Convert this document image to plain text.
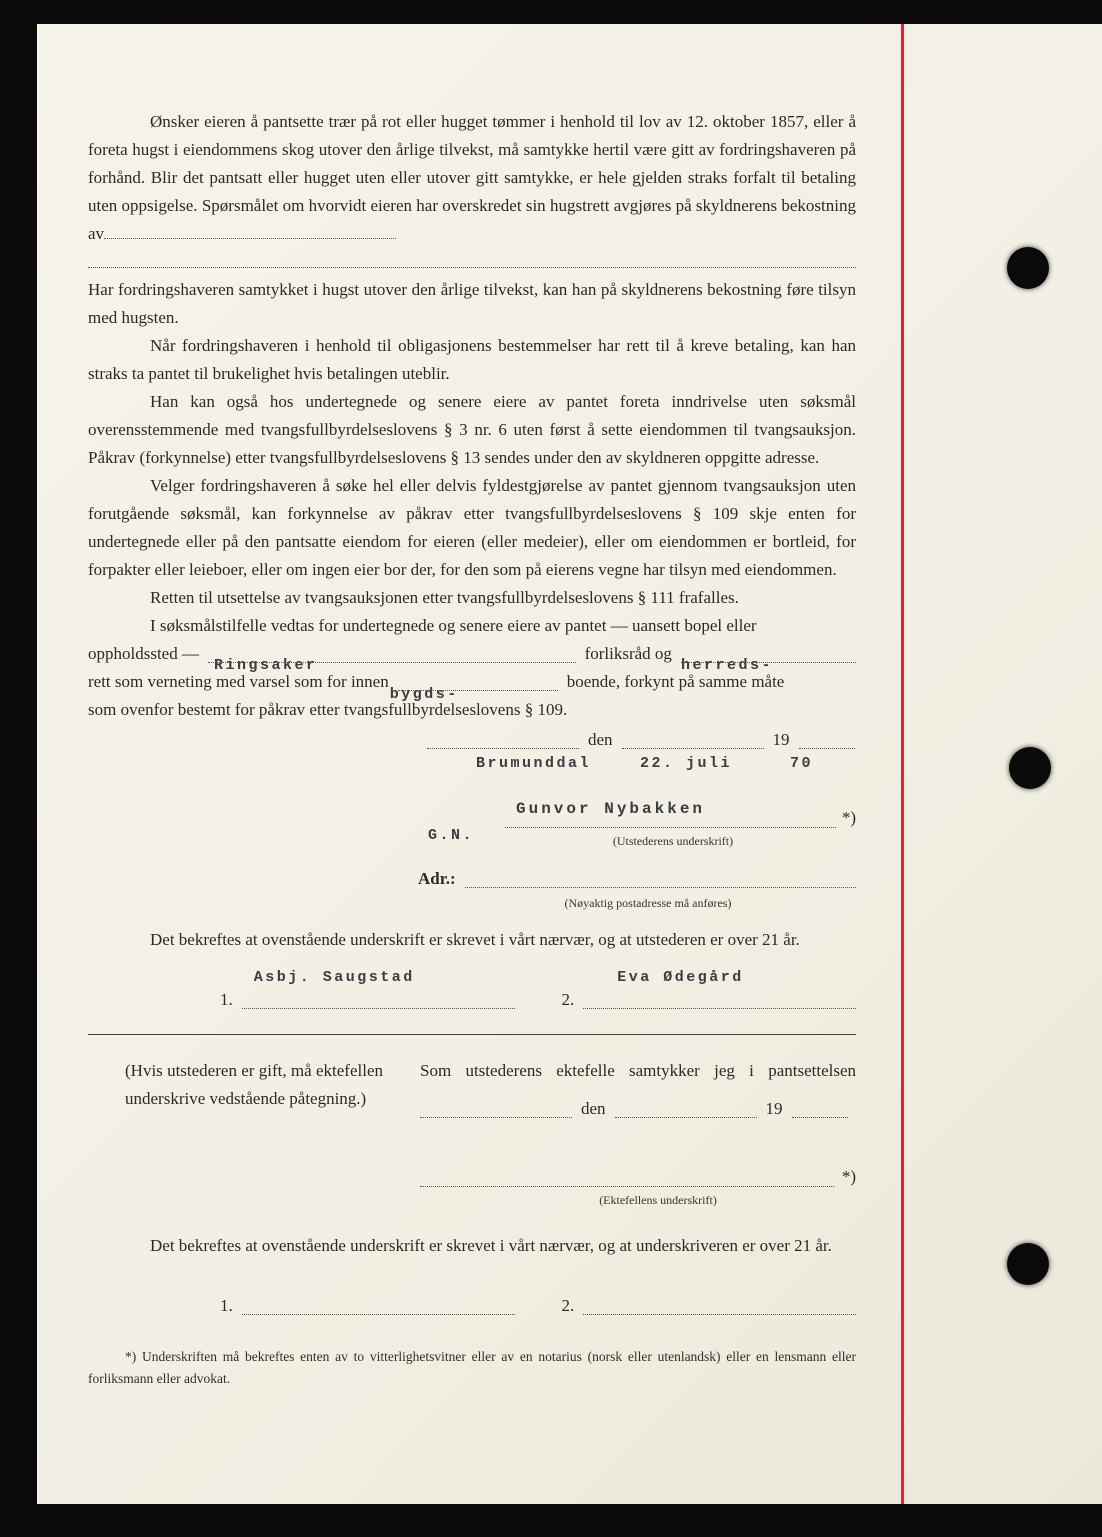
Ønsker eieren å pantsette trær på rot eller hugget tømmer i henhold til lov av 12. oktober 1857, eller å foreta hugst i eiendommens skog utover den årlige tilvekst, må samtykke hertil være gitt av fordringshaveren på forhånd. Blir det pantsatt eller hugget uten eller utover gitt samtykke, er hele gjelden straks forfalt til betaling uten oppsigelse. Spørsmålet om hvorvidt eieren har overskredet sin hugstrett avgjøres på skyldnerens bekostning av

Har fordringshaveren samtykket i hugst utover den årlige tilvekst, kan han på skyldnerens bekostning føre tilsyn med hugsten.

Når fordringshaveren i henhold til obligasjonens bestemmelser har rett til å kreve betaling, kan han straks ta pantet til brukelighet hvis betalingen uteblir.

Han kan også hos undertegnede og senere eiere av pantet foreta inndrivelse uten søksmål overensstemmende med tvangsfullbyrdelseslovens § 3 nr. 6 uten først å sette eiendommen til tvangsauksjon. Påkrav (forkynnelse) etter tvangsfullbyrdelseslovens § 13 sendes under den av skyldneren oppgitte adresse.

Velger fordringshaveren å søke hel eller delvis fyldestgjørelse av pantet gjennom tvangsauksjon uten forutgående søksmål, kan forkynnelse av påkrav etter tvangsfullbyrdelseslovens § 109 skje enten for undertegnede eller på den pantsatte eiendom for eieren (eller medeier), eller om eiendommen er bortleid, for forpakter eller leieboer, eller om ingen eier bor der, for den som på eierens vegne har tilsyn med eiendommen.

Retten til utsettelse av tvangsauksjonen etter tvangsfullbyrdelseslovens § 111 frafalles.

I søksmålstilfelle vedtas for undertegnede og senere eiere av pantet — uansett bopel eller

oppholdssted —
Ringsaker
forliksråd og
herreds-
rett som verneting med varsel som for innen
bygds-
boende, forkynt på samme måte

som ovenfor bestemt for påkrav etter tvangsfullbyrdelseslovens § 109.

den	19
Brumunddal	22. juli	70
G.N.
Gunvor Nybakken	*)
(Utstederens underskrift)
Adr.:
(Nøyaktig postadresse må anføres)

Det bekreftes at ovenstående underskrift er skrevet i vårt nærvær, og at utstederen er over 21 år.

1.
Asbj. Saugstad
2.
Eva Ødegård
(Hvis utstederen er gift, må ektefellen underskrive vedstående påtegning.)
Som utstederens ektefelle samtykker jeg i pantsettelsen
den	19
*)
(Ektefellens underskrift)

Det bekreftes at ovenstående underskrift er skrevet i vårt nærvær, og at underskriveren er over 21 år.

1.	2.

*) Underskriften må bekreftes enten av to vitterlighetsvitner eller av en notarius (norsk eller utenlandsk) eller en lensmann eller forliksmann eller advokat.
